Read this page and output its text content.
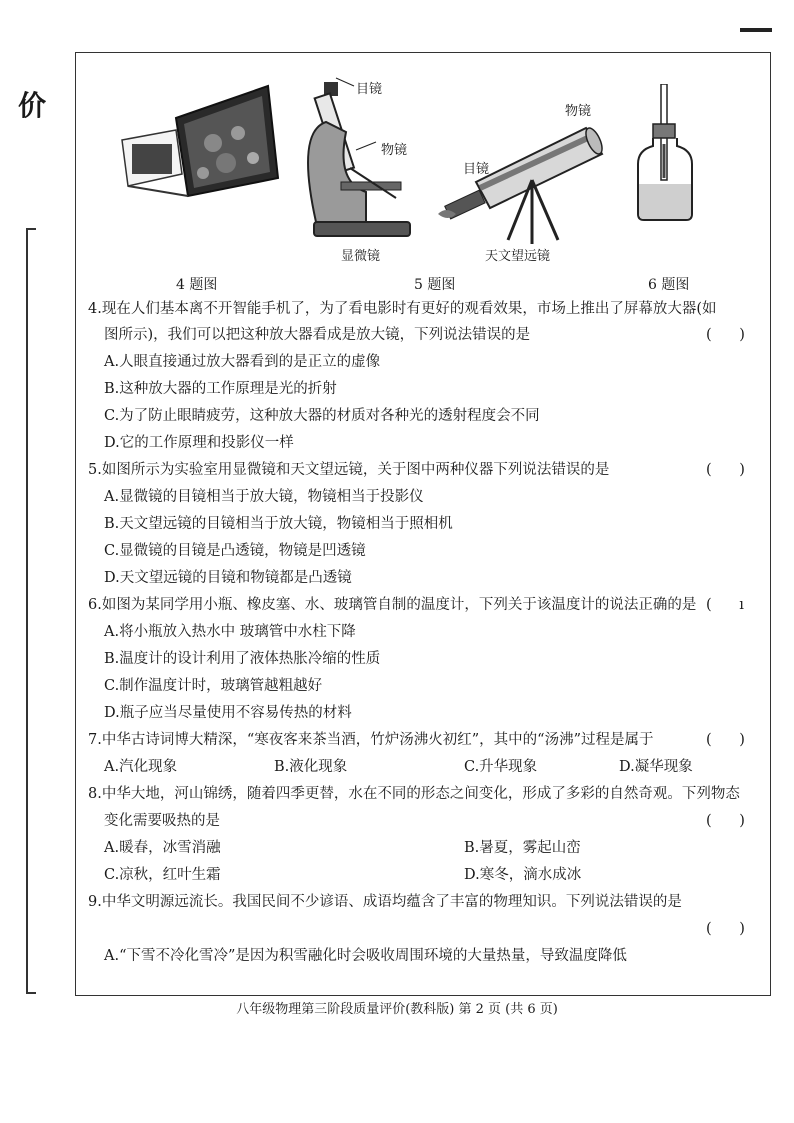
价	目镜
物镜
显微镜
物镜
目镜
天文望远镜
4 题图	5 题图	6 题图
4.现在人们基本离不开智能手机了，为了看电影时有更好的观看效果，市场上推出了屏幕放大器(如
图所示)，我们可以把这种放大器看成是放大镜，下列说法错误的是	(      )
A.人眼直接通过放大器看到的是正立的虚像
B.这种放大器的工作原理是光的折射
C.为了防止眼睛疲劳，这种放大器的材质对各种光的透射程度会不同
D.它的工作原理和投影仪一样
5.如图所示为实验室用显微镜和天文望远镜，关于图中两种仪器下列说法错误的是	(      )
A.显微镜的目镜相当于放大镜，物镜相当于投影仪
B.天文望远镜的目镜相当于放大镜，物镜相当于照相机
C.显微镜的目镜是凸透镜，物镜是凹透镜
D.天文望远镜的目镜和物镜都是凸透镜
6.如图为某同学用小瓶、橡皮塞、水、玻璃管自制的温度计，下列关于该温度计的说法正确的是 (      ı
A.将小瓶放入热水中 玻璃管中水柱下降
B.温度计的设计利用了液体热胀冷缩的性质
C.制作温度计时，玻璃管越粗越好
D.瓶子应当尽量使用不容易传热的材料
7.中华古诗词博大精深，“寒夜客来茶当酒，竹炉汤沸火初红”，其中的“汤沸”过程是属于	(      )
A.汽化现象	B.液化现象	C.升华现象	D.凝华现象
8.中华大地，河山锦绣，随着四季更替，水在不同的形态之间变化，形成了多彩的自然奇观。下列物态
变化需要吸热的是	(      )
A.暖春，冰雪消融	B.暑夏，雾起山峦
C.凉秋，红叶生霜	D.寒冬，滴水成冰
9.中华文明源远流长。我国民间不少谚语、成语均蕴含了丰富的物理知识。下列说法错误的是
(      )
A.“下雪不冷化雪冷”是因为积雪融化时会吸收周围环境的大量热量，导致温度降低
八年级物理第三阶段质量评价(教科版) 第 2 页 (共 6 页)
